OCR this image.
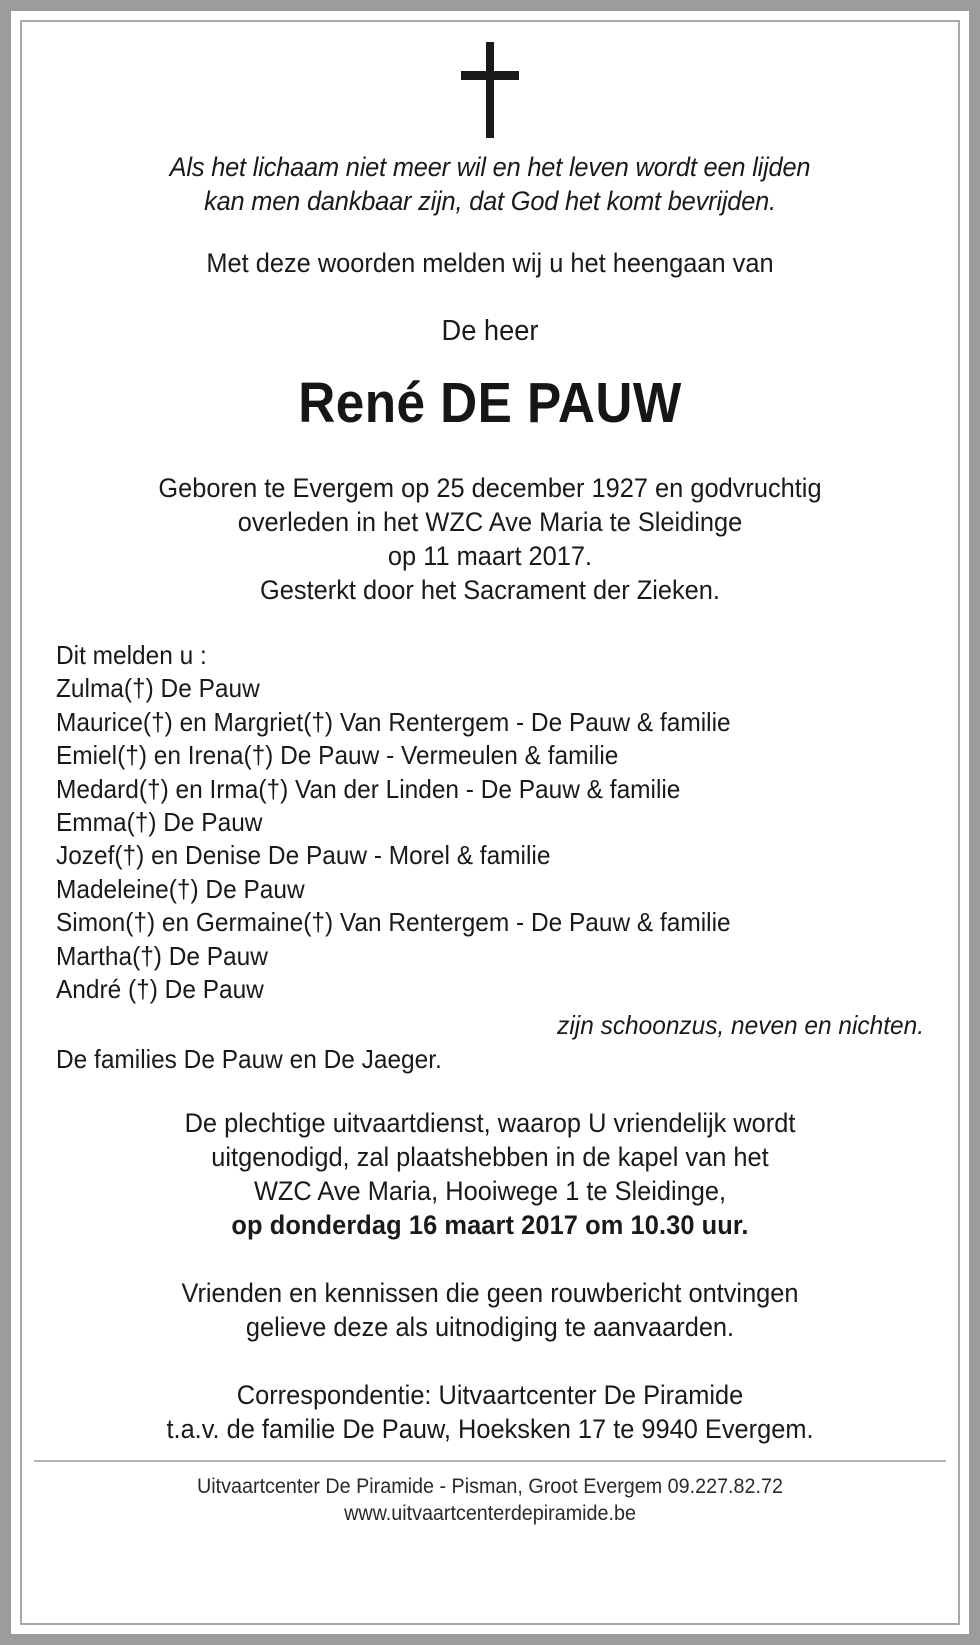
Als het lichaam niet meer wil en het leven wordt een lijden
kan men dankbaar zijn, dat God het komt bevrijden.
Met deze woorden melden wij u het heengaan van
De heer
René DE PAUW
Geboren te Evergem op 25 december 1927 en godvruchtig
overleden in het WZC Ave Maria te Sleidinge
op 11 maart 2017.
Gesterkt door het Sacrament der Zieken.
Dit melden u :
Zulma(†) De Pauw
Maurice(†) en Margriet(†) Van Rentergem - De Pauw & familie
Emiel(†) en Irena(†) De Pauw - Vermeulen & familie
Medard(†) en Irma(†) Van der Linden - De Pauw & familie
Emma(†) De Pauw
Jozef(†) en Denise De Pauw - Morel & familie
Madeleine(†) De Pauw
Simon(†) en Germaine(†) Van Rentergem - De Pauw & familie
Martha(†) De Pauw
André (†) De Pauw
zijn schoonzus, neven en nichten.
De families De Pauw en De Jaeger.
De plechtige uitvaartdienst, waarop U vriendelijk wordt
uitgenodigd, zal plaatshebben in de kapel van het
WZC Ave Maria, Hooiwege 1 te Sleidinge,
op donderdag 16 maart 2017 om 10.30 uur.
Vrienden en kennissen die geen rouwbericht ontvingen
gelieve deze als uitnodiging te aanvaarden.
Correspondentie: Uitvaartcenter De Piramide
t.a.v. de familie De Pauw, Hoeksken 17 te 9940 Evergem.
Uitvaartcenter De Piramide - Pisman, Groot Evergem 09.227.82.72
www.uitvaartcenterdepiramide.be
